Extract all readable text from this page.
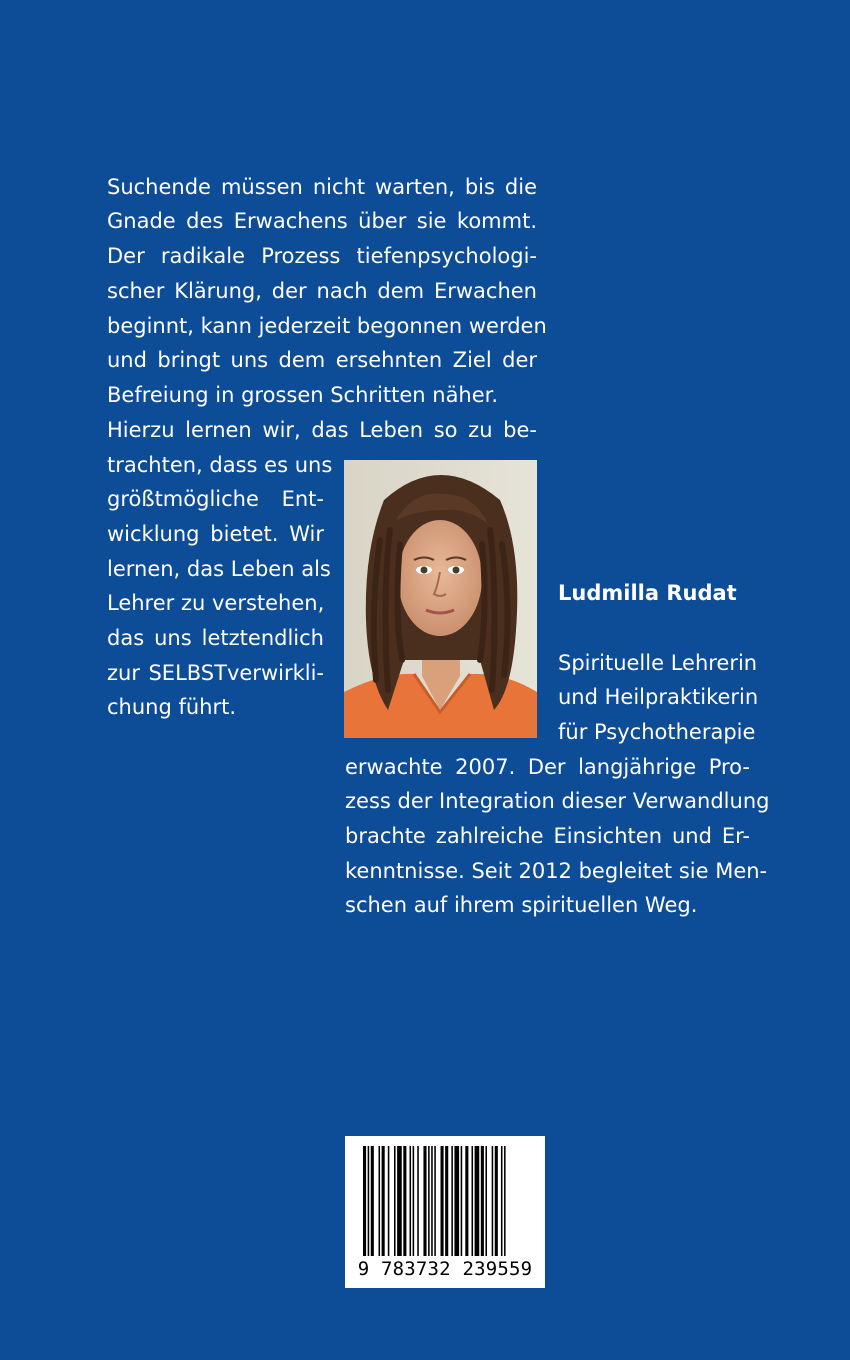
Suchende müssen nicht warten, bis die

Gnade des Erwachens über sie kommt.

Der radikale Prozess tiefenpsychologi-

scher Klärung, der nach dem Erwachen

beginnt, kann jederzeit begonnen werden

und bringt uns dem ersehnten Ziel der

Befreiung in grossen Schritten näher.

Hierzu lernen wir, das Leben so zu be-

trachten, dass es uns

größtmögliche Ent-

wicklung bietet. Wir

lernen, das Leben als

Lehrer zu verstehen,

das uns letztendlich

zur SELBSTverwirkli-

chung führt.

Ludmilla Rudat

Spirituelle Lehrerin

und Heilpraktikerin

für Psychotherapie

erwachte 2007. Der langjährige Pro-

zess der Integration dieser Verwandlung

brachte zahlreiche Einsichten und Er-

kenntnisse. Seit 2012 begleitet sie Men-

schen auf ihrem spirituellen Weg.

9 783732 239559
